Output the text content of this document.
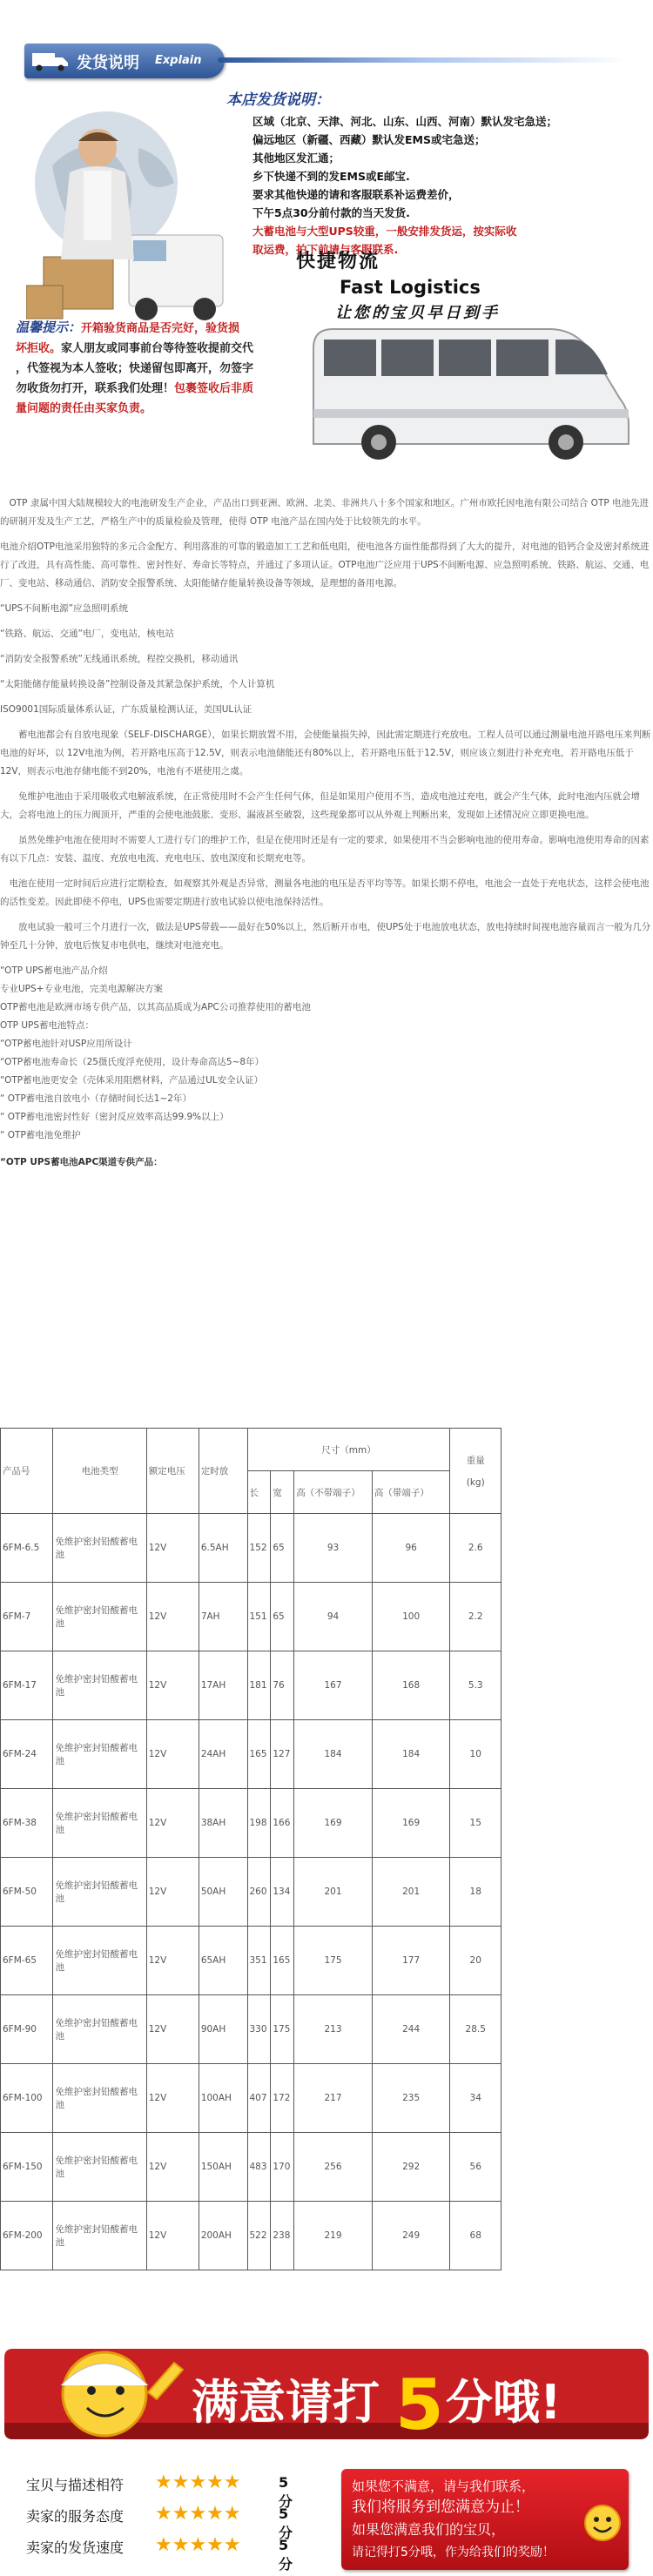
发货说明 Explain
本店发货说明：
区域（北京、天津、河北、山东、山西、河南）默认发宅急送；
偏远地区（新疆、西藏）默认发EMS或宅急送；
其他地区发汇通；
乡下快递不到的发EMS或E邮宝.
要求其他快递的请和客服联系补运费差价，
下午5点30分前付款的当天发货.
大蓄电池与大型UPS较重，一般安排发货运，按实际收
取运费，拍下前请与客服联系.
快捷物流
Fast Logistics
让您的宝贝早日到手
温馨提示：开箱验货商品是否完好，验货损
坏拒收。家人朋友或同事前台等待签收提前交代
，代签视为本人签收；快递留包即离开，勿签字
勿收货勿打开，联系我们处理！包裹签收后非质
量问题的责任由买家负责。

　OTP 隶属中国大陆规模较大的电池研发生产企业，产品出口到亚洲、欧洲、北美、非洲共八十多个国家和地区。广州市欧托因电池有限公司结合 OTP 电池先进的研制开发及生产工艺，严格生产中的质量检验及管理，使得 OTP 电池产品在国内处于比较领先的水平。

电池介绍OTP电池采用独特的多元合金配方、利用落准的可靠的锻造加工工艺和低电阻，使电池各方面性能都得到了大大的提升，对电池的铅钙合金及密封系统进行了改进，具有高性能、高可靠性、密封性好、寿命长等特点，并通过了多项认证。OTP电池广泛应用于UPS不间断电源、应急照明系统、铁路、航运、交通、电厂、变电站、移动通信、消防安全报警系统、太阳能储存能量转换设备等领域，是理想的备用电源。

“UPS不间断电源”应急照明系统

“铁路、航运、交通”电厂，变电站，核电站

“消防安全报警系统”无线通讯系统，程控交换机，移动通讯

“太阳能储存能量转换设备”控制设备及其紧急保护系统，个人计算机

ISO9001国际质量体系认证，广东质量检测认证，美国UL认证

　　蓄电池都会有自放电现象（SELF-DISCHARGE），如果长期放置不用，会使能量损失掉，因此需定期进行充放电。工程人员可以通过测量电池开路电压来判断电池的好坏，以 12V电池为例，若开路电压高于12.5V，则表示电池储能还有80%以上，若开路电压低于12.5V，则应该立刻进行补充充电，若开路电压低于12V，则表示电池存储电能不到20%，电池有不堪使用之虞。

　　免维护电池由于采用吸收式电解液系统，在正常使用时不会产生任何气体，但是如果用户使用不当，造成电池过充电，就会产生气体，此时电池内压就会增大，会将电池上的压力阀顶开，严重的会使电池鼓胀、变形、漏液甚至破裂，这些现象都可以从外观上判断出来，发现如上述情况应立即更换电池。

　　虽然免维护电池在使用时不需要人工进行专门的维护工作，但是在使用时还是有一定的要求，如果使用不当会影响电池的使用寿命。影响电池使用寿命的因素有以下几点：安装、温度、充放电电流、充电电压、放电深度和长期充电等。

　电池在使用一定时间后应进行定期检查，如观察其外观是否异常，测量各电池的电压是否平均等等。如果长期不停电，电池会一直处于充电状态，这样会使电池的活性变差。因此即使不停电，UPS也需要定期进行放电试验以使电池保持活性。

　　放电试验一般可三个月进行一次，做法是UPS带载——最好在50%以上，然后断开市电，使UPS处于电池放电状态，放电持续时间视电池容量而言一般为几分钟至几十分钟，放电后恢复市电供电，继续对电池充电。

“OTP UPS蓄电池产品介绍

专业UPS+专业电池，完美电源解决方案

OTP蓄电池是欧洲市场专供产品，以其高品质成为APC公司推荐使用的蓄电池

OTP UPS蓄电池特点：

“OTP蓄电池针对USP应用所设计

“OTP蓄电池寿命长（25摄氏度浮充使用，设计寿命高达5~8年）

“OTP蓄电池更安全（壳体采用阻燃材料，产品通过UL安全认证）

“ OTP蓄电池自放电小（存储时间长达1~2年）

“ OTP蓄电池密封性好（密封反应效率高达99.9%以上）

“ OTP蓄电池免维护

“OTP UPS蓄电池APC渠道专供产品：

产品号	电池类型	额定电压	定时放	尺寸（mm）				重量

(kg)
				长	宽	高（不带端子）	高（带端子）	
6FM-6.5	免维护密封铅酸蓄电池	12V	6.5AH	152	65	93	96	2.6
6FM-7	免维护密封铅酸蓄电池	12V	7AH	151	65	94	100	2.2
6FM-17	免维护密封铅酸蓄电池	12V	17AH	181	76	167	168	5.3
6FM-24	免维护密封铅酸蓄电池	12V	24AH	165	127	184	184	10
6FM-38	免维护密封铅酸蓄电池	12V	38AH	198	166	169	169	15
6FM-50	免维护密封铅酸蓄电池	12V	50AH	260	134	201	201	18
6FM-65	免维护密封铅酸蓄电池	12V	65AH	351	165	175	177	20
6FM-90	免维护密封铅酸蓄电池	12V	90AH	330	175	213	244	28.5
6FM-100	免维护密封铅酸蓄电池	12V	100AH	407	172	217	235	34
6FM-150	免维护密封铅酸蓄电池	12V	150AH	483	170	256	292	56
6FM-200	免维护密封铅酸蓄电池	12V	200AH	522	238	219	249	68
满意请打 5 分哦!
宝贝与描述相符	★★★★★	5分
卖家的服务态度	★★★★★	5分
卖家的发货速度	★★★★★	5分
如果您不满意，请与我们联系，
我们将服务到您满意为止！
如果您满意我们的宝贝，
请记得打5分哦，作为给我们的奖励！
